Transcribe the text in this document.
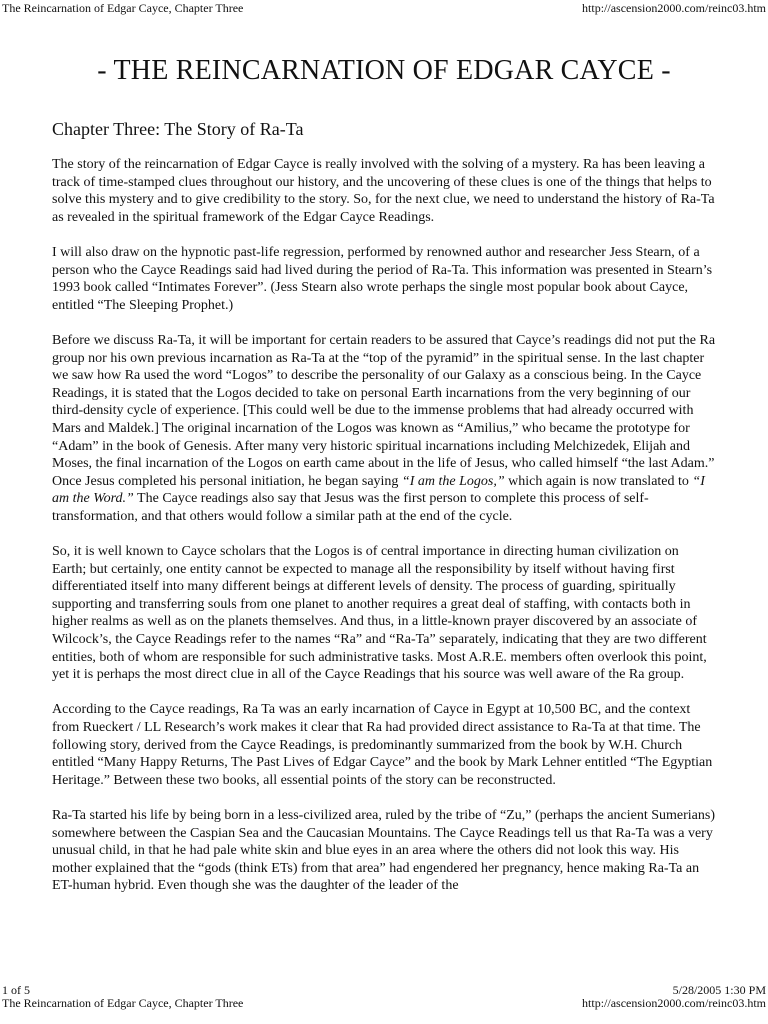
The Reincarnation of Edgar Cayce, Chapter Three	http://ascension2000.com/reinc03.htm
- THE REINCARNATION OF EDGAR CAYCE -
Chapter Three: The Story of Ra-Ta

The story of the reincarnation of Edgar Cayce is really involved with the solving of a mystery. Ra has been leaving a track of time-stamped clues throughout our history, and the uncovering of these clues is one of the things that helps to solve this mystery and to give credibility to the story. So, for the next clue, we need to understand the history of Ra-Ta as revealed in the spiritual framework of the Edgar Cayce Readings.

I will also draw on the hypnotic past-life regression, performed by renowned author and researcher Jess Stearn, of a person who the Cayce Readings said had lived during the period of Ra-Ta. This information was presented in Stearn’s 1993 book called “Intimates Forever”. (Jess Stearn also wrote perhaps the single most popular book about Cayce, entitled “The Sleeping Prophet.)

Before we discuss Ra-Ta, it will be important for certain readers to be assured that Cayce’s readings did not put the Ra group nor his own previous incarnation as Ra-Ta at the “top of the pyramid” in the spiritual sense. In the last chapter we saw how Ra used the word “Logos” to describe the personality of our Galaxy as a conscious being. In the Cayce Readings, it is stated that the Logos decided to take on personal Earth incarnations from the very beginning of our third-density cycle of experience. [This could well be due to the immense problems that had already occurred with Mars and Maldek.] The original incarnation of the Logos was known as “Amilius,” who became the prototype for “Adam” in the book of Genesis. After many very historic spiritual incarnations including Melchizedek, Elijah and Moses, the final incarnation of the Logos on earth came about in the life of Jesus, who called himself “the last Adam.” Once Jesus completed his personal initiation, he began saying “I am the Logos,” which again is now translated to “I am the Word.” The Cayce readings also say that Jesus was the first person to complete this process of self-transformation, and that others would follow a similar path at the end of the cycle.

So, it is well known to Cayce scholars that the Logos is of central importance in directing human civilization on Earth; but certainly, one entity cannot be expected to manage all the responsibility by itself without having first differentiated itself into many different beings at different levels of density. The process of guarding, spiritually supporting and transferring souls from one planet to another requires a great deal of staffing, with contacts both in higher realms as well as on the planets themselves. And thus, in a little-known prayer discovered by an associate of Wilcock’s, the Cayce Readings refer to the names “Ra” and “Ra-Ta” separately, indicating that they are two different entities, both of whom are responsible for such administrative tasks. Most A.R.E. members often overlook this point, yet it is perhaps the most direct clue in all of the Cayce Readings that his source was well aware of the Ra group.

According to the Cayce readings, Ra Ta was an early incarnation of Cayce in Egypt at 10,500 BC, and the context from Rueckert / LL Research’s work makes it clear that Ra had provided direct assistance to Ra-Ta at that time. The following story, derived from the Cayce Readings, is predominantly summarized from the book by W.H. Church entitled “Many Happy Returns, The Past Lives of Edgar Cayce” and the book by Mark Lehner entitled “The Egyptian Heritage.” Between these two books, all essential points of the story can be reconstructed.

Ra-Ta started his life by being born in a less-civilized area, ruled by the tribe of “Zu,” (perhaps the ancient Sumerians) somewhere between the Caspian Sea and the Caucasian Mountains. The Cayce Readings tell us that Ra-Ta was a very unusual child, in that he had pale white skin and blue eyes in an area where the others did not look this way. His mother explained that the “gods (think ETs) from that area” had engendered her pregnancy, hence making Ra-Ta an ET-human hybrid. Even though she was the daughter of the leader of the

1 of 5	5/28/2005 1:30 PM
The Reincarnation of Edgar Cayce, Chapter Three	http://ascension2000.com/reinc03.htm
